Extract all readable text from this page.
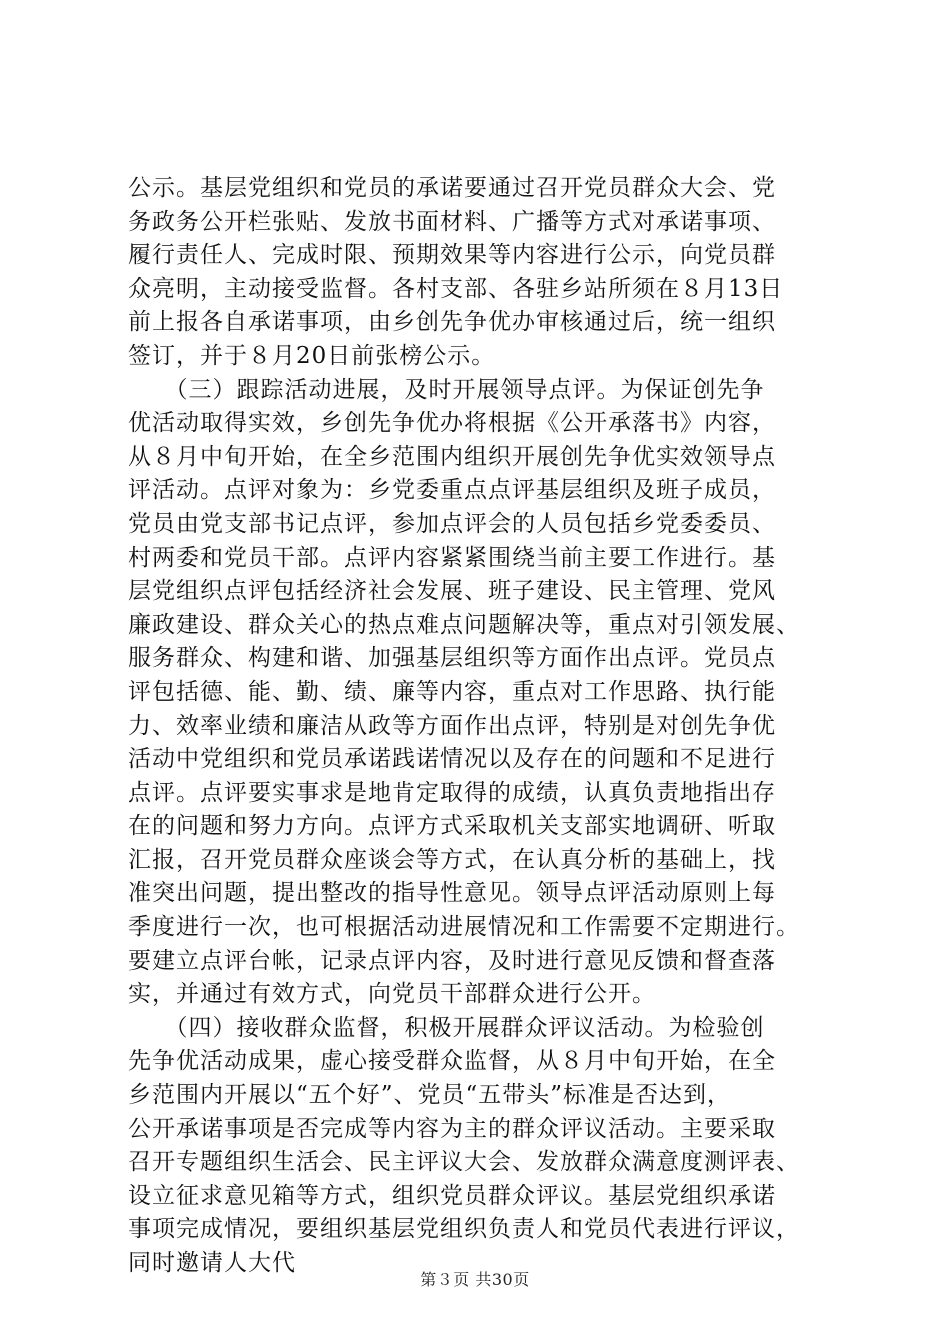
公示。基层党组织和党员的承诺要通过召开党员群众大会、党
务政务公开栏张贴、发放书面材料、广播等方式对承诺事项、
履行责任人、完成时限、预期效果等内容进行公示，向党员群
众亮明，主动接受监督。各村支部、各驻乡站所须在８月13日
前上报各自承诺事项，由乡创先争优办审核通过后，统一组织
签订，并于８月20日前张榜公示。
　　（三）跟踪活动进展，及时开展领导点评。为保证创先争
优活动取得实效，乡创先争优办将根据《公开承落书》内容，
从８月中旬开始，在全乡范围内组织开展创先争优实效领导点
评活动。点评对象为：乡党委重点点评基层组织及班子成员，
党员由党支部书记点评，参加点评会的人员包括乡党委委员、
村两委和党员干部。点评内容紧紧围绕当前主要工作进行。基
层党组织点评包括经济社会发展、班子建设、民主管理、党风
廉政建设、群众关心的热点难点问题解决等，重点对引领发展、
服务群众、构建和谐、加强基层组织等方面作出点评。党员点
评包括德、能、勤、绩、廉等内容，重点对工作思路、执行能
力、效率业绩和廉洁从政等方面作出点评，特别是对创先争优
活动中党组织和党员承诺践诺情况以及存在的问题和不足进行
点评。点评要实事求是地肯定取得的成绩，认真负责地指出存
在的问题和努力方向。点评方式采取机关支部实地调研、听取
汇报，召开党员群众座谈会等方式，在认真分析的基础上，找
准突出问题，提出整改的指导性意见。领导点评活动原则上每
季度进行一次，也可根据活动进展情况和工作需要不定期进行。
要建立点评台帐，记录点评内容，及时进行意见反馈和督查落
实，并通过有效方式，向党员干部群众进行公开。
　　（四）接收群众监督，积极开展群众评议活动。为检验创
先争优活动成果，虚心接受群众监督，从８月中旬开始，在全
乡范围内开展以“五个好”、党员“五带头”标准是否达到，
公开承诺事项是否完成等内容为主的群众评议活动。主要采取
召开专题组织生活会、民主评议大会、发放群众满意度测评表、
设立征求意见箱等方式，组织党员群众评议。基层党组织承诺
事项完成情况，要组织基层党组织负责人和党员代表进行评议，
同时邀请人大代
第３页 共30页
